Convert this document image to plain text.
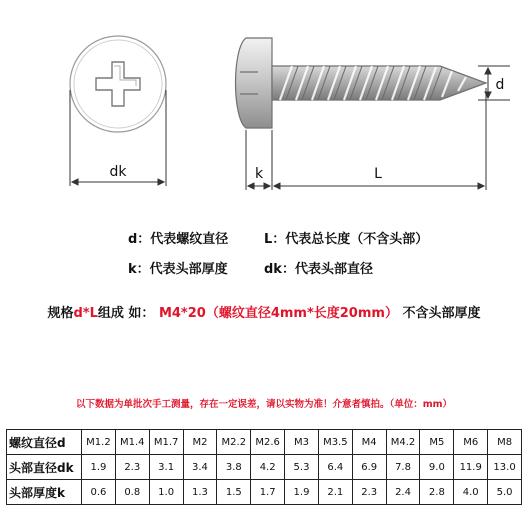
dk	k	L
d
d：代表螺纹直径	L：代表总长度（不含头部）
k：代表头部厚度	dk：代表头部直径
规格d*L组成 如： M4*20（螺纹直径4mm*长度20mm） 不含头部厚度
以下数据为单批次手工测量，存在一定误差，请以实物为准！介意者慎拍。（单位：mm）
螺纹直径d	M1.2	M1.4	M1.7	M2	M2.2	M2.6	M3	M3.5	M4	M4.2	M5	M6	M8
头部直径dk	1.9	2.3	3.1	3.4	3.8	4.2	5.3	6.4	6.9	7.8	9.0	11.9	13.0
头部厚度k	0.6	0.8	1.0	1.3	1.5	1.7	1.9	2.1	2.3	2.4	2.8	4.0	5.0
